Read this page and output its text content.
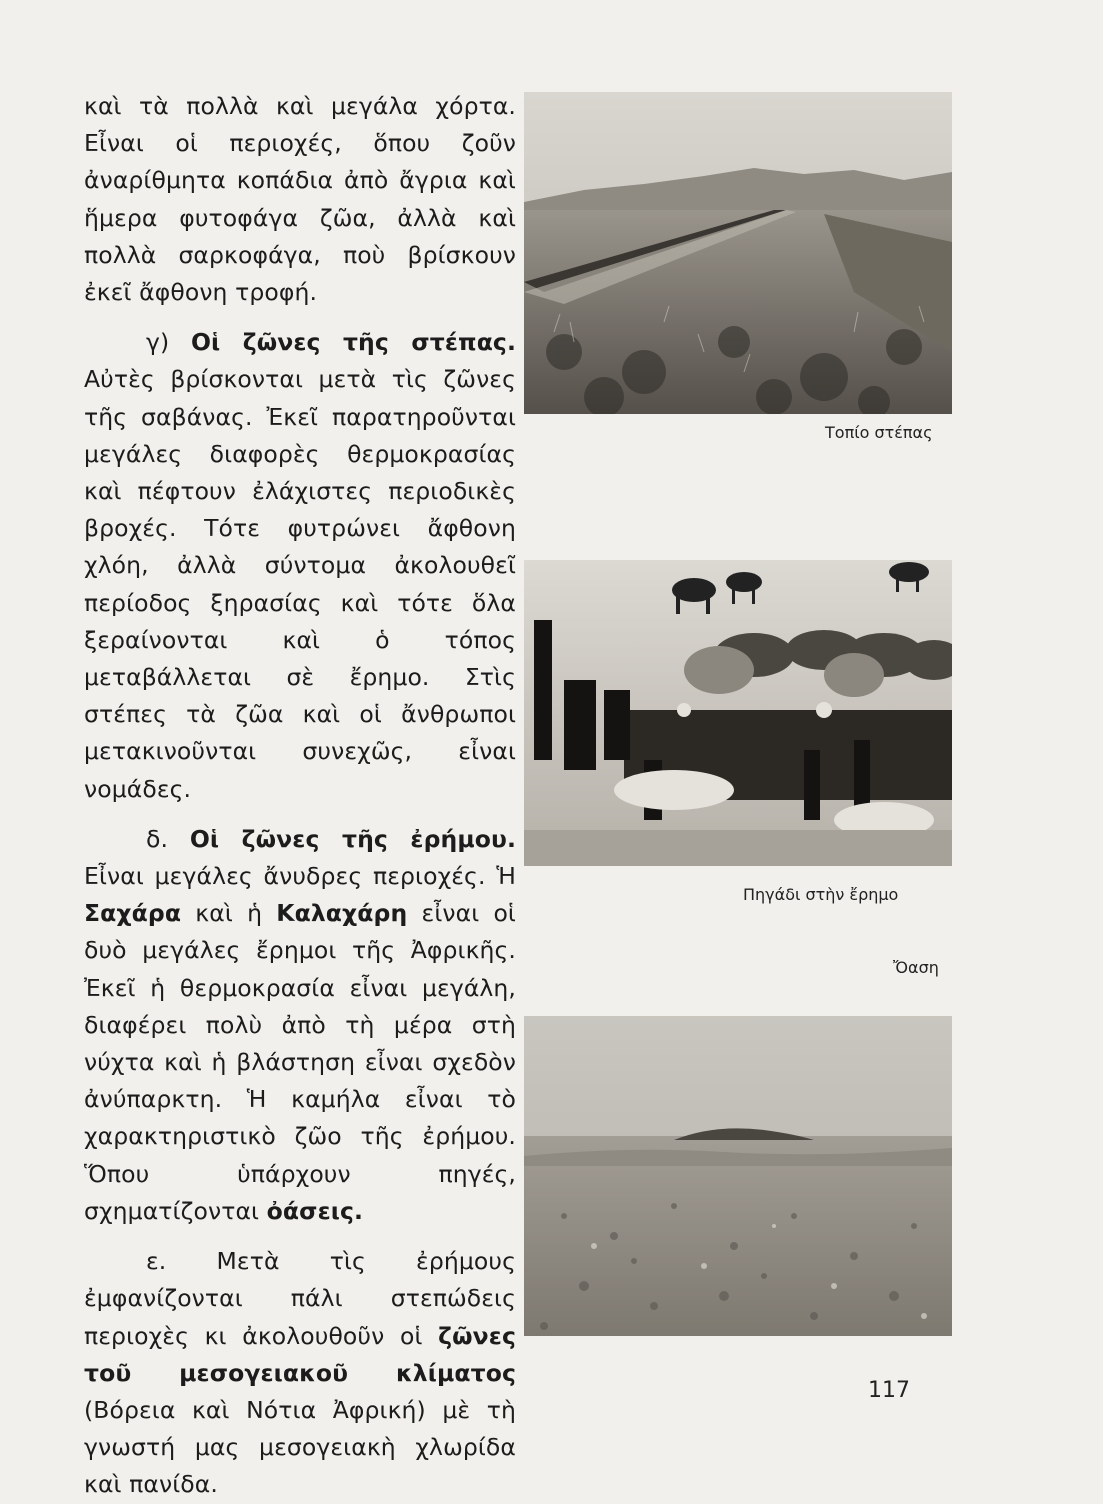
καὶ τὰ πολλὰ καὶ μεγάλα χόρτα. Εἶναι οἱ περιοχές, ὅπου ζοῦν ἀναρίθμητα κοπάδια ἀπὸ ἄγρια καὶ ἥμερα φυτοφάγα ζῶα, ἀλλὰ καὶ πολλὰ σαρκοφάγα, ποὺ βρίσκουν ἐκεῖ ἄφθονη τροφή.

γ) Οἱ ζῶνες τῆς στέπας. Αὐτὲς βρίσκονται μετὰ τὶς ζῶνες τῆς σαβάνας. Ἐκεῖ παρατηροῦνται μεγάλες διαφορὲς θερμοκρασίας καὶ πέφτουν ἐλάχιστες περιοδικὲς βροχές. Τότε φυτρώνει ἄφθονη χλόη, ἀλλὰ σύντομα ἀκολουθεῖ περίοδος ξηρασίας καὶ τότε ὅλα ξεραίνονται καὶ ὁ τόπος μεταβάλλεται σὲ ἔρημο. Στὶς στέπες τὰ ζῶα καὶ οἱ ἄνθρωποι μετακινοῦνται συνεχῶς, εἶναι νομάδες.

δ. Οἱ ζῶνες τῆς ἐρήμου. Εἶναι μεγάλες ἄνυδρες περιοχές. Ἡ Σαχάρα καὶ ἡ Καλαχάρη εἶναι οἱ δυὸ μεγάλες ἔρημοι τῆς Ἀφρικῆς. Ἐκεῖ ἡ θερμοκρασία εἶναι μεγάλη, διαφέρει πολὺ ἀπὸ τὴ μέρα στὴ νύχτα καὶ ἡ βλάστηση εἶναι σχεδὸν ἀνύπαρκτη. Ἡ καμήλα εἶναι τὸ χαρακτηριστικὸ ζῶο τῆς ἐρήμου. Ὅπου ὑπάρχουν πηγές, σχηματίζονται ὀάσεις.

ε. Μετὰ τὶς ἐρήμους ἐμφανίζονται πάλι στεπώδεις περιοχὲς κι ἀκολουθοῦν οἱ ζῶνες τοῦ μεσογειακοῦ κλίματος (Βόρεια καὶ Νότια Ἀφρική) μὲ τὴ γνωστή μας μεσογειακὴ χλωρίδα καὶ πανίδα.

Τοπίο στέπας
Πηγάδι στὴν ἔρημο
Ὄαση
117
